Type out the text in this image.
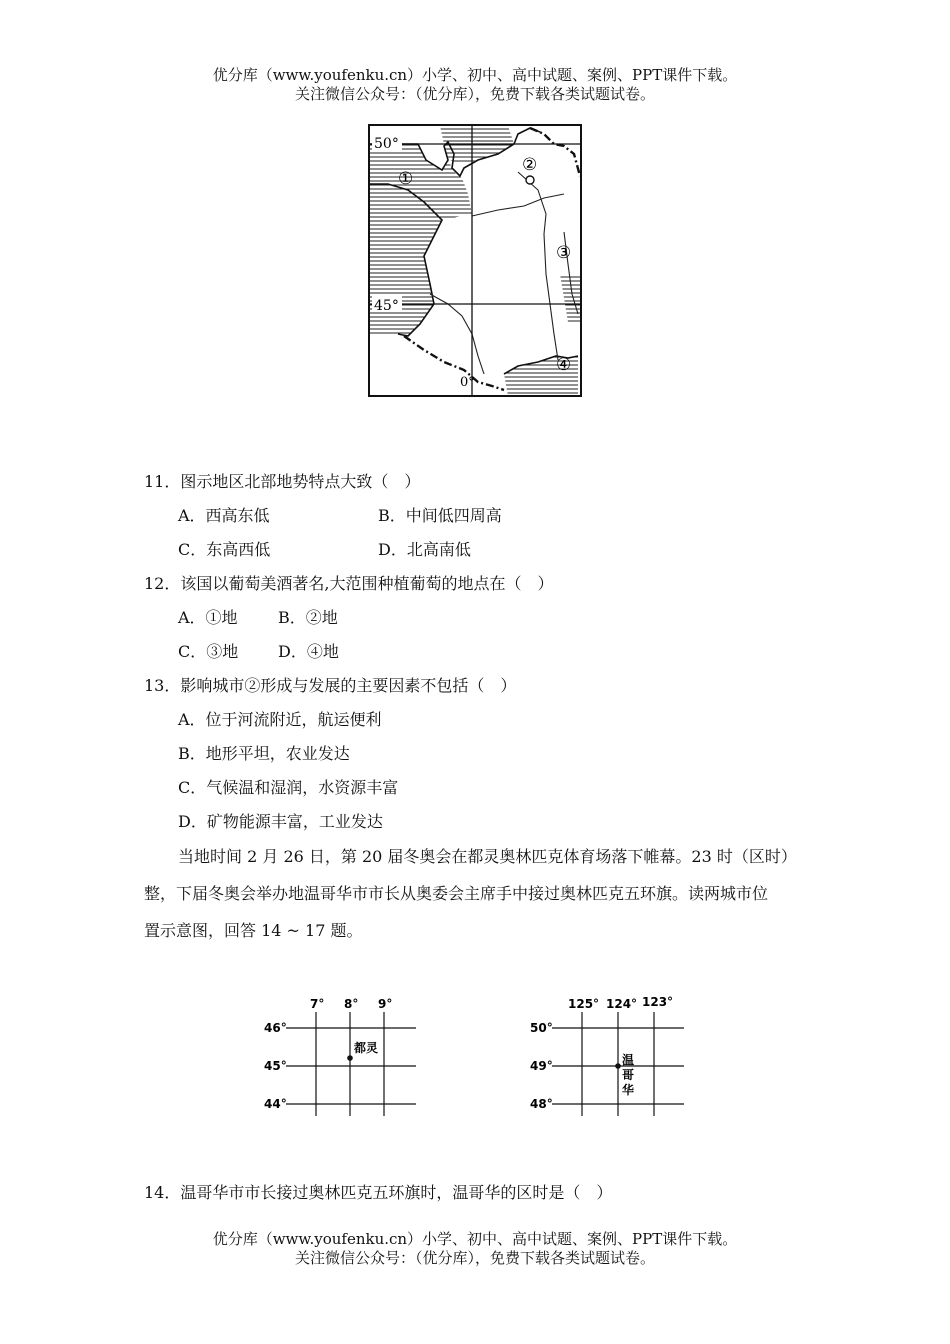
优分库（www.youfenku.cn）小学、初中、高中试题、案例、PPT课件下载。
关注微信公众号：（优分库），免费下载各类试题试卷。
50°
45°
0°
①
②
③
④
11．图示地区北部地势特点大致（　）
A．西高东低	B．中间低四周高
C．东高西低	D．北高南低
12．该国以葡萄美酒著名,大范围种植葡萄的地点在（　）
A．①地	B．②地
C．③地 D．④地
13．影响城市②形成与发展的主要因素不包括（　）
A．位于河流附近，航运便利
B．地形平坦，农业发达
C．气候温和湿润，水资源丰富
D．矿物能源丰富，工业发达
当地时间 2 月 26 日，第 20 届冬奥会在都灵奥林匹克体育场落下帷幕。23 时（区时）
整，下届冬奥会举办地温哥华市市长从奥委会主席手中接过奥林匹克五环旗。读两城市位
置示意图，回答 14 ~ 17 题。
7° 8° 9°
46°
45°
44°
都灵
125° 124° 123°
50°
49°
48°
温
哥
华
14．温哥华市市长接过奥林匹克五环旗时，温哥华的区时是（　）
优分库（www.youfenku.cn）小学、初中、高中试题、案例、PPT课件下载。
关注微信公众号：（优分库），免费下载各类试题试卷。
